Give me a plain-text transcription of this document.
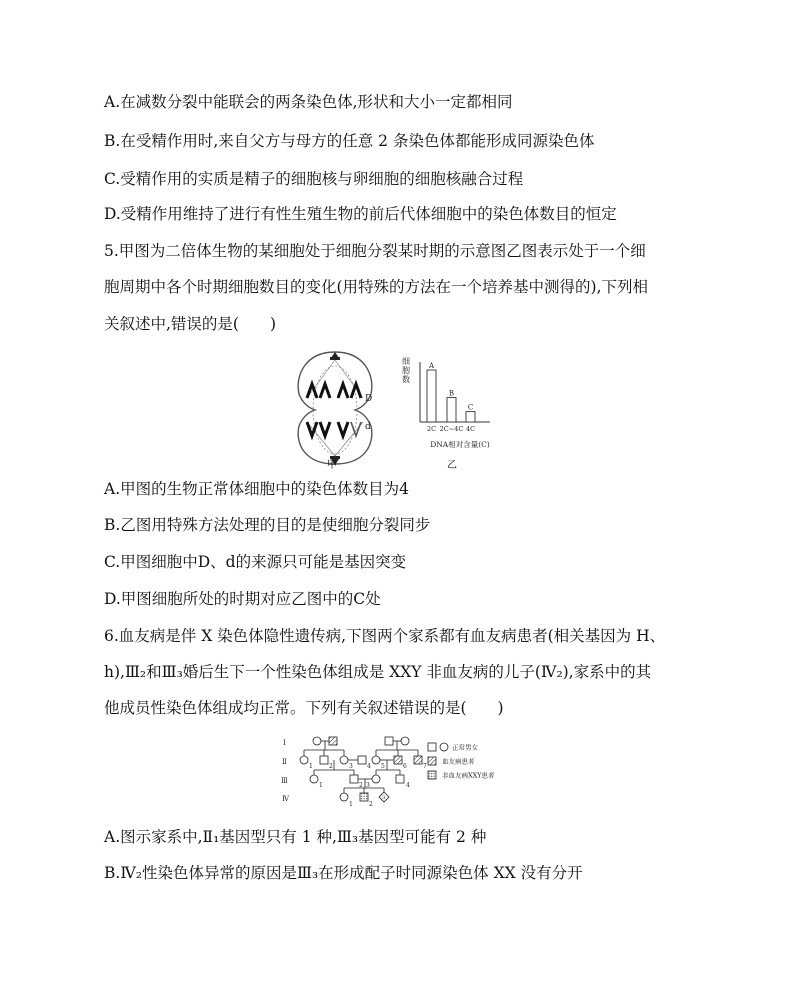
A.在减数分裂中能联会的两条染色体,形状和大小一定都相同
B.在受精作用时,来自父方与母方的任意 2 条染色体都能形成同源染色体
C.受精作用的实质是精子的细胞核与卵细胞的细胞核融合过程
D.受精作用维持了进行有性生殖生物的前后代体细胞中的染色体数目的恒定
5.甲图为二倍体生物的某细胞处于细胞分裂某时期的示意图乙图表示处于一个细
胞周期中各个时期细胞数目的变化(用特殊的方法在一个培养基中测得的),下列相
关叙述中,错误的是(　　)
D
d
甲
细
胞
数
A
2C
B
2C~4C
C
4C
DNA相对含量(C)
乙
A.甲图的生物正常体细胞中的染色体数目为4
B.乙图用特殊方法处理的目的是使细胞分裂同步
C.甲图细胞中D、d的来源只可能是基因突变
D.甲图细胞所处的时期对应乙图中的C处
6.血友病是伴 X 染色体隐性遗传病,下图两个家系都有血友病患者(相关基因为 H、
h),Ⅲ₂和Ⅲ₃婚后生下一个性染色体组成是 XXY 非血友病的儿子(Ⅳ₂),家系中的其
他成员性染色体组成均正常。下列有关叙述错误的是(　　)
Ⅰ
Ⅱ
Ⅲ
Ⅳ
1	2	3 4 5	6	7
1	2 3	4
1	2
3
正常男女
血友病患者
非血友病XXY患者
A.图示家系中,Ⅱ₁基因型只有 1 种,Ⅲ₃基因型可能有 2 种
B.Ⅳ₂性染色体异常的原因是Ⅲ₃在形成配子时同源染色体 XX 没有分开
